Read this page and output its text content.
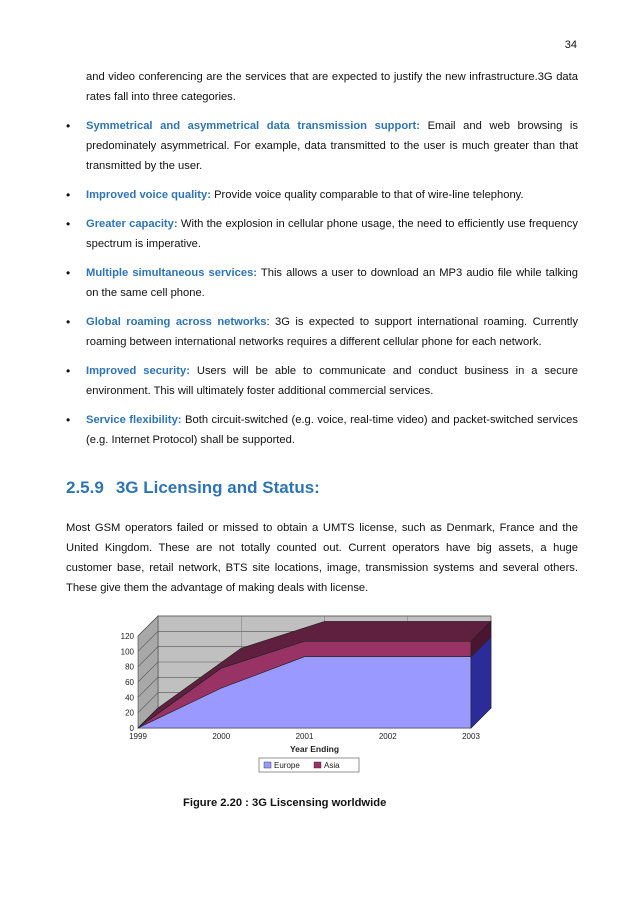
34
and video conferencing are the services that are expected to justify the new infrastructure.3G data rates fall into three categories.
• Symmetrical and asymmetrical data transmission support: Email and web browsing is predominately asymmetrical. For example, data transmitted to the user is much greater than that transmitted by the user.
• Improved voice quality: Provide voice quality comparable to that of wire-line telephony.
• Greater capacity: With the explosion in cellular phone usage, the need to efficiently use frequency spectrum is imperative.
• Multiple simultaneous services: This allows a user to download an MP3 audio file while talking on the same cell phone.
• Global roaming across networks: 3G is expected to support international roaming. Currently roaming between international networks requires a different cellular phone for each network.
• Improved security: Users will be able to communicate and conduct business in a secure environment. This will ultimately foster additional commercial services.
• Service flexibility: Both circuit-switched (e.g. voice, real-time video) and packet-switched services (e.g. Internet Protocol) shall be supported.
2.5.9 3G Licensing and Status:
Most GSM operators failed or missed to obtain a UMTS license, such as Denmark, France and the United Kingdom. These are not totally counted out. Current operators have big assets, a huge customer base, retail network, BTS site locations, image, transmission systems and several others. These give them the advantage of making deals with license.
0
20
40
60
80
100
120
1999	2000	2001	2002	2003
Year Ending
Europe	Asia
Figure 2.20 : 3G Liscensing worldwide
